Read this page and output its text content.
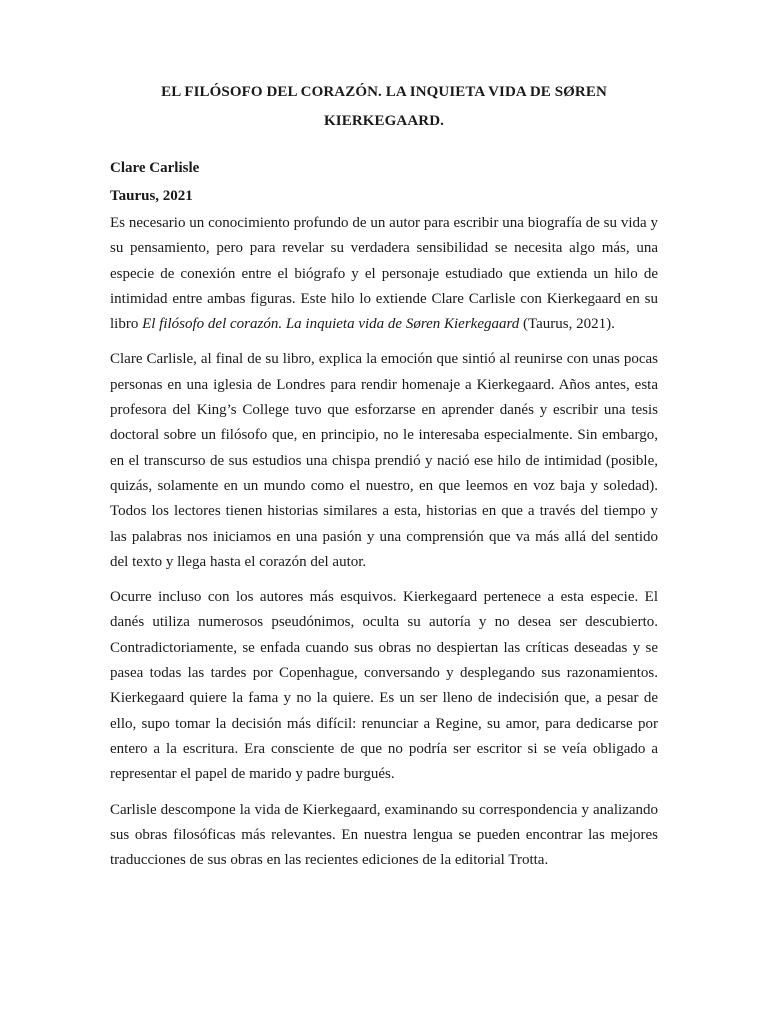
EL FILÓSOFO DEL CORAZÓN. LA INQUIETA VIDA DE SØREN KIERKEGAARD.

Clare Carlisle

Taurus, 2021

Es necesario un conocimiento profundo de un autor para escribir una biografía de su vida y su pensamiento, pero para revelar su verdadera sensibilidad se necesita algo más, una especie de conexión entre el biógrafo y el personaje estudiado que extienda un hilo de intimidad entre ambas figuras. Este hilo lo extiende Clare Carlisle con Kierkegaard en su libro El filósofo del corazón. La inquieta vida de Søren Kierkegaard (Taurus, 2021).

Clare Carlisle, al final de su libro, explica la emoción que sintió al reunirse con unas pocas personas en una iglesia de Londres para rendir homenaje a Kierkegaard. Años antes, esta profesora del King’s College tuvo que esforzarse en aprender danés y escribir una tesis doctoral sobre un filósofo que, en principio, no le interesaba especialmente. Sin embargo, en el transcurso de sus estudios una chispa prendió y nació ese hilo de intimidad (posible, quizás, solamente en un mundo como el nuestro, en que leemos en voz baja y soledad). Todos los lectores tienen historias similares a esta, historias en que a través del tiempo y las palabras nos iniciamos en una pasión y una comprensión que va más allá del sentido del texto y llega hasta el corazón del autor.

Ocurre incluso con los autores más esquivos. Kierkegaard pertenece a esta especie. El danés utiliza numerosos pseudónimos, oculta su autoría y no desea ser descubierto. Contradictoriamente, se enfada cuando sus obras no despiertan las críticas deseadas y se pasea todas las tardes por Copenhague, conversando y desplegando sus razonamientos. Kierkegaard quiere la fama y no la quiere. Es un ser lleno de indecisión que, a pesar de ello, supo tomar la decisión más difícil: renunciar a Regine, su amor, para dedicarse por entero a la escritura. Era consciente de que no podría ser escritor si se veía obligado a representar el papel de marido y padre burgués.

Carlisle descompone la vida de Kierkegaard, examinando su correspondencia y analizando sus obras filosóficas más relevantes. En nuestra lengua se pueden encontrar las mejores traducciones de sus obras en las recientes ediciones de la editorial Trotta.
